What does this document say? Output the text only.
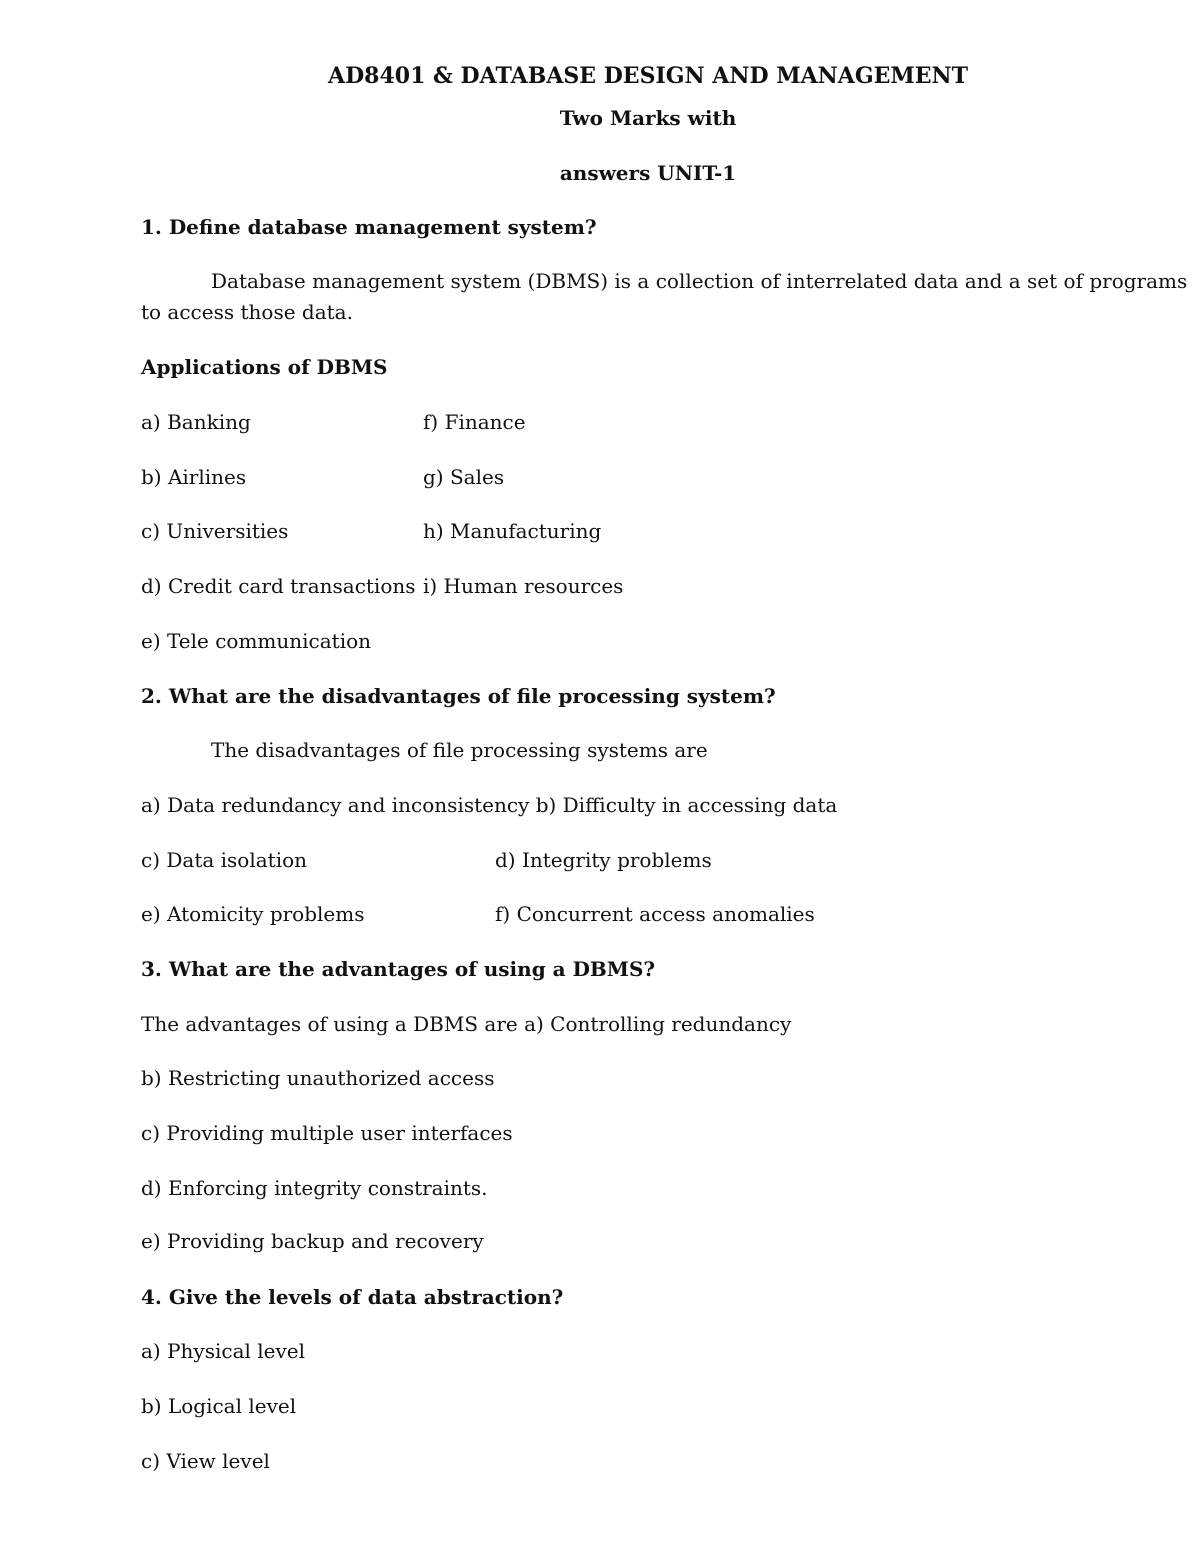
AD8401 & DATABASE DESIGN AND MANAGEMENT
Two Marks with
answers UNIT-1
1. Define database management system?
Database management system (DBMS) is a collection of interrelated data and a set of programs
to access those data.
Applications of DBMS
a) Banking
b) Airlines
c) Universities
d) Credit card transactions
e) Tele communication
f) Finance
g) Sales
h) Manufacturing
i) Human resources
2. What are the disadvantages of file processing system?
The disadvantages of file processing systems are
a) Data redundancy and inconsistency b) Difficulty in accessing data
c) Data isolation	d) Integrity problems
e) Atomicity problems	f) Concurrent access anomalies
3. What are the advantages of using a DBMS?
The advantages of using a DBMS are a) Controlling redundancy
b) Restricting unauthorized access
c) Providing multiple user interfaces
d) Enforcing integrity constraints.
e) Providing backup and recovery
4. Give the levels of data abstraction?
a) Physical level
b) Logical level
c) View level
